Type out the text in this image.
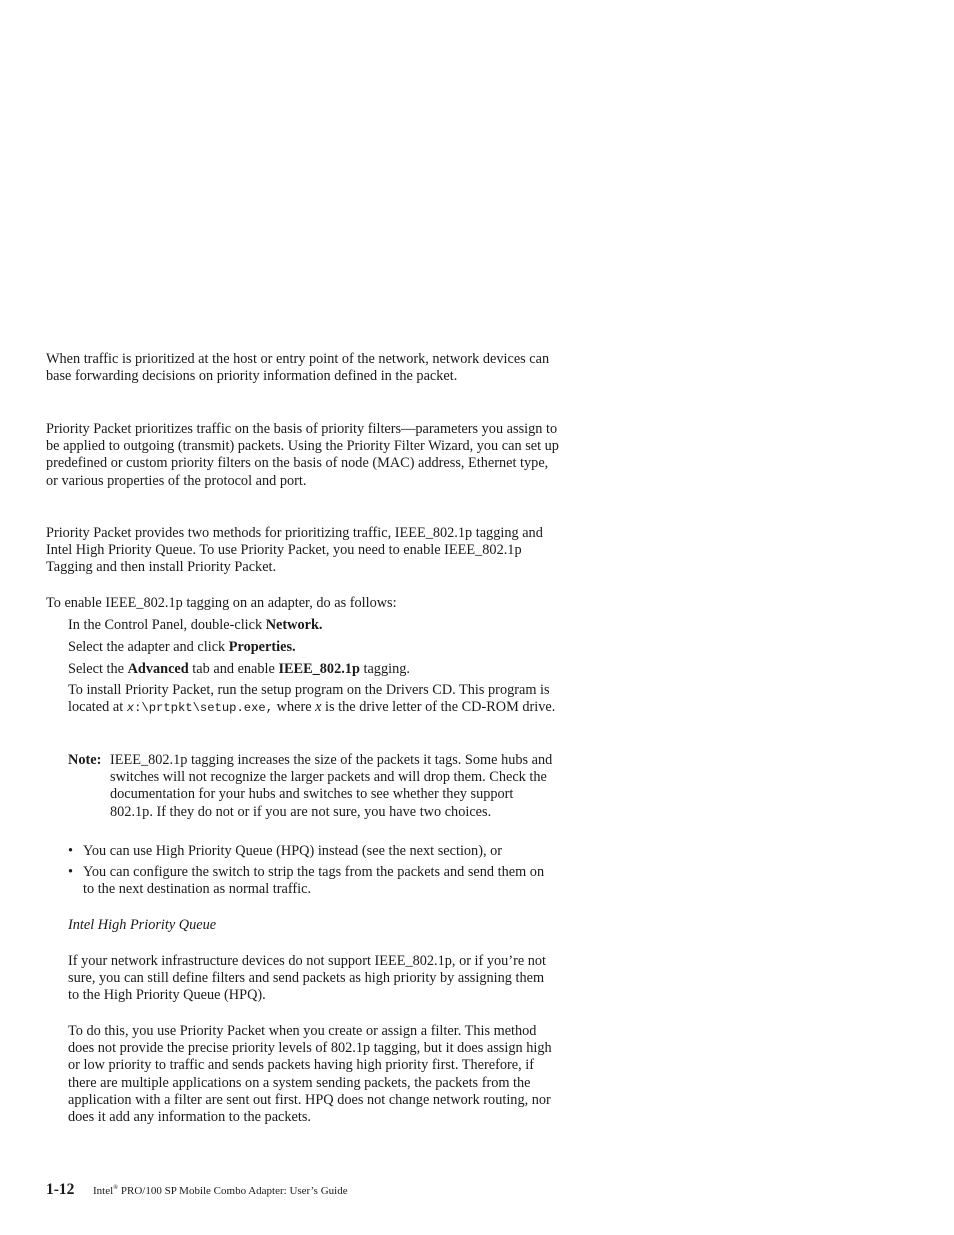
When traffic is prioritized at the host or entry point of the network, network devices can base forwarding decisions on priority information defined in the packet.

Priority Packet prioritizes traffic on the basis of priority filters—parameters you assign to be applied to outgoing (transmit) packets. Using the Priority Filter Wizard, you can set up predefined or custom priority filters on the basis of node (MAC) address, Ethernet type, or various properties of the protocol and port.

Priority Packet provides two methods for prioritizing traffic, IEEE_802.1p tagging and Intel High Priority Queue. To use Priority Packet, you need to enable IEEE_802.1p Tagging and then install Priority Packet.

To enable IEEE_802.1p tagging on an adapter, do as follows:

In the Control Panel, double-click Network.

Select the adapter and click Properties.

Select the Advanced tab and enable IEEE_802.1p tagging.

To install Priority Packet, run the setup program on the Drivers CD. This program is located at x:\prtpkt\setup.exe, where x is the drive letter of the CD-ROM drive.

Note: IEEE_802.1p tagging increases the size of the packets it tags. Some hubs and switches will not recognize the larger packets and will drop them. Check the documentation for your hubs and switches to see whether they support 802.1p. If they do not or if you are not sure, you have two choices.
• You can use High Priority Queue (HPQ) instead (see the next section), or
• You can configure the switch to strip the tags from the packets and send them on to the next destination as normal traffic.
Intel High Priority Queue

If your network infrastructure devices do not support IEEE_802.1p, or if you’re not sure, you can still define filters and send packets as high priority by assigning them to the High Priority Queue (HPQ).

To do this, you use Priority Packet when you create or assign a filter. This method does not provide the precise priority levels of 802.1p tagging, but it does assign high or low priority to traffic and sends packets having high priority first. Therefore, if there are multiple applications on a system sending packets, the packets from the application with a filter are sent out first. HPQ does not change network routing, nor does it add any information to the packets.

1-12 Intel® PRO/100 SP Mobile Combo Adapter: User’s Guide
